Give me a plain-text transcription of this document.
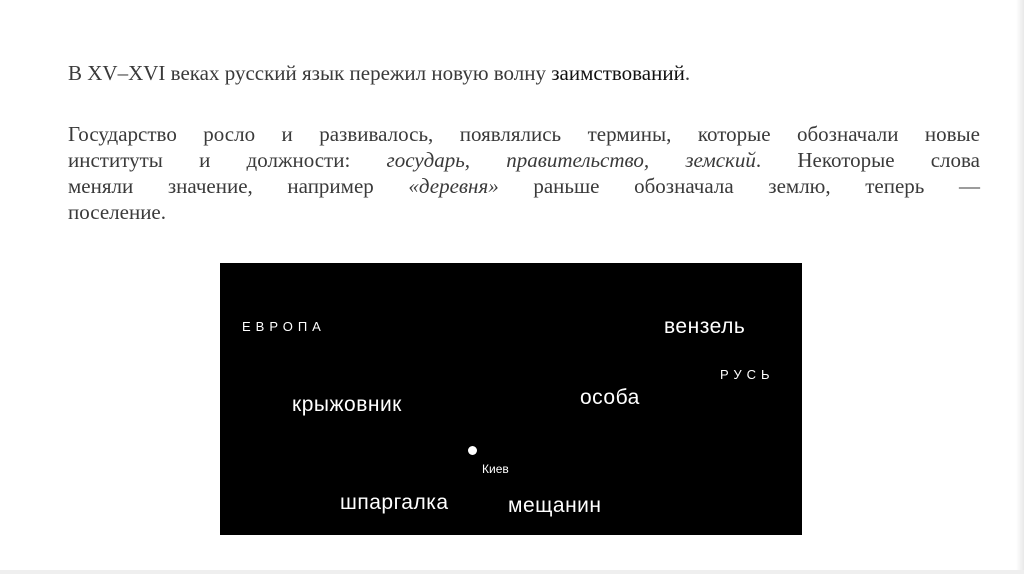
В XV–XVI веках русский язык пережил новую волну заимствований.
Государство росло и развивалось, появлялись термины, которые обозначали новые
институты и должности: государь, правительство, земский. Некоторые слова
меняли значение, например «деревня» раньше обозначала землю, теперь —
поселение.
ЕВРОПА
РУСЬ
вензель
крыжовник	особа
шпаргалка	мещанин
Киев
